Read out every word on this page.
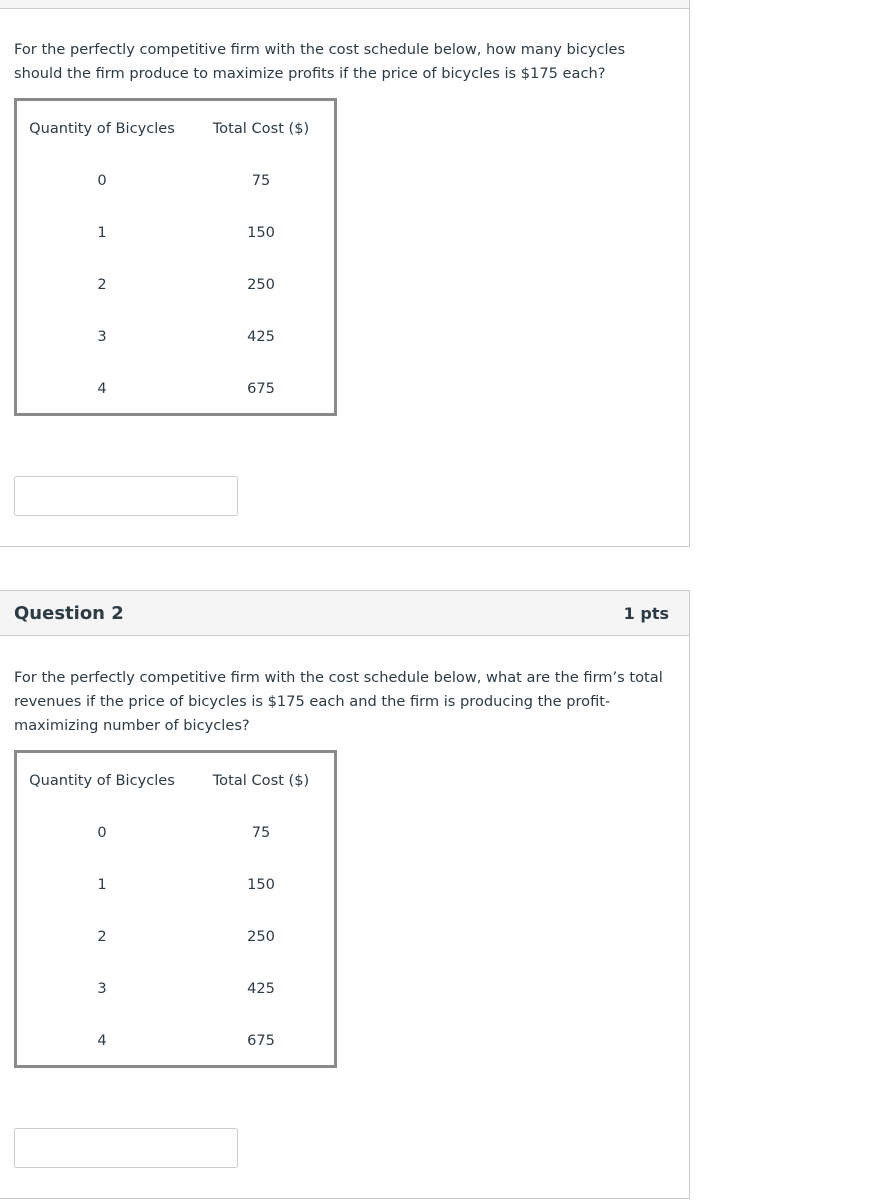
For the perfectly competitive firm with the cost schedule below, how many bicycles should the firm produce to maximize profits if the price of bicycles is $175 each?

Quantity of Bicycles	Total Cost ($)
0	75
1	150
2	250
3	425
4	675
Question 2	1 pts

For the perfectly competitive firm with the cost schedule below, what are the firm’s total revenues if the price of bicycles is $175 each and the firm is producing the profit-maximizing number of bicycles?

Quantity of Bicycles	Total Cost ($)
0	75
1	150
2	250
3	425
4	675
